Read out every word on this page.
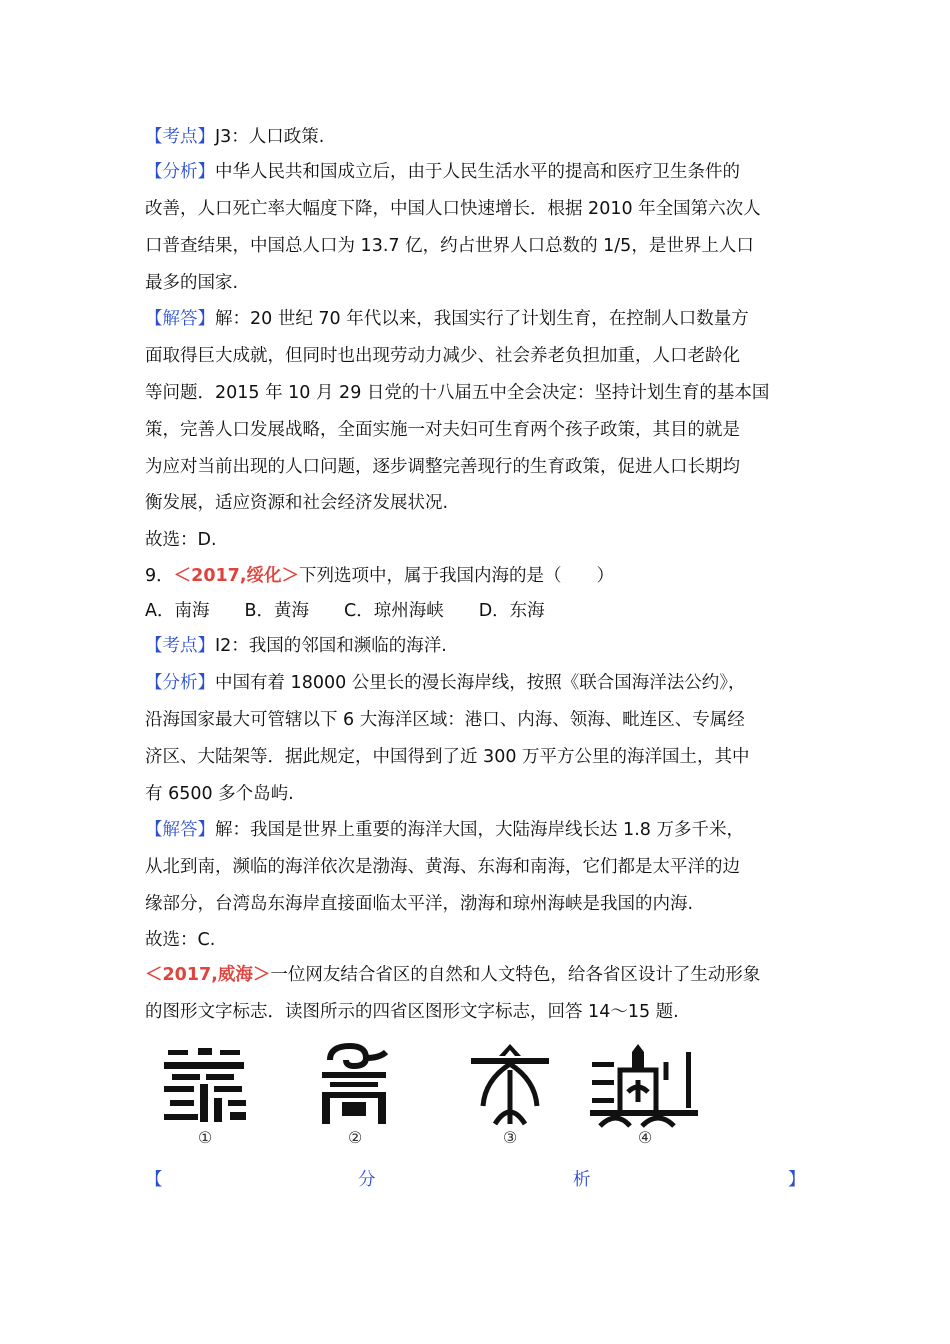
【考点】J3：人口政策.
【分析】中华人民共和国成立后，由于人民生活水平的提高和医疗卫生条件的
改善，人口死亡率大幅度下降，中国人口快速增长．根据 2010 年全国第六次人
口普查结果，中国总人口为 13.7 亿，约占世界人口总数的 1/5，是世界上人口
最多的国家.
【解答】解：20 世纪 70 年代以来，我国实行了计划生育，在控制人口数量方
面取得巨大成就，但同时也出现劳动力减少、社会养老负担加重，人口老龄化
等问题．2015 年 10 月 29 日党的十八届五中全会决定：坚持计划生育的基本国
策，完善人口发展战略，全面实施一对夫妇可生育两个孩子政策，其目的就是
为应对当前出现的人口问题，逐步调整完善现行的生育政策，促进人口长期均
衡发展，适应资源和社会经济发展状况.
故选：D.
9．＜2017,绥化＞下列选项中，属于我国内海的是（　　）
A．南海　　B．黄海　　C．琼州海峡　　D．东海
【考点】I2：我国的邻国和濒临的海洋.
【分析】中国有着 18000 公里长的漫长海岸线，按照《联合国海洋法公约》，
沿海国家最大可管辖以下 6 大海洋区域：港口、内海、领海、毗连区、专属经
济区、大陆架等．据此规定，中国得到了近 300 万平方公里的海洋国土，其中
有 6500 多个岛屿.
【解答】解：我国是世界上重要的海洋大国，大陆海岸线长达 1.8 万多千米，
从北到南，濒临的海洋依次是渤海、黄海、东海和南海，它们都是太平洋的边
缘部分，台湾岛东海岸直接面临太平洋，渤海和琼州海峡是我国的内海.
故选：C.
＜2017,威海＞一位网友结合省区的自然和人文特色，给各省区设计了生动形象
的图形文字标志．读图所示的四省区图形文字标志，回答 14～15 题.
①	②	③	④
【	分	析	】
